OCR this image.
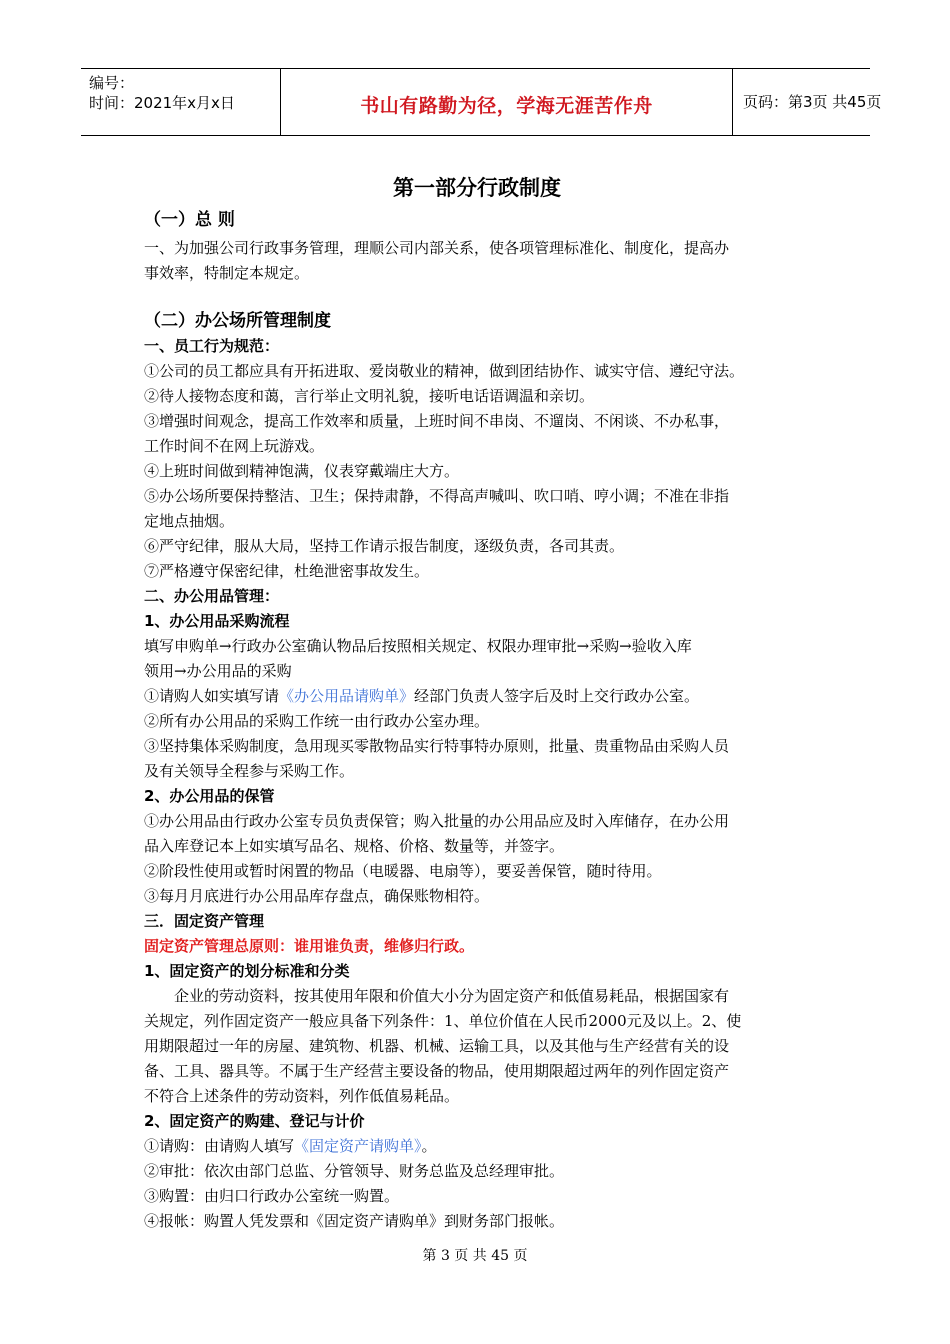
编号：
时间：2021年x月x日	书山有路勤为径，学海无涯苦作舟	页码：第3页 共45页
第一部分行政制度
（一）总 则
一、为加强公司行政事务管理，理顺公司内部关系，使各项管理标准化、制度化，提高办
事效率，特制定本规定。
（二）办公场所管理制度
一、员工行为规范：
①公司的员工都应具有开拓进取、爱岗敬业的精神，做到团结协作、诚实守信、遵纪守法。
②待人接物态度和蔼，言行举止文明礼貌，接听电话语调温和亲切。
③增强时间观念，提高工作效率和质量，上班时间不串岗、不遛岗、不闲谈、不办私事，
工作时间不在网上玩游戏。
④上班时间做到精神饱满，仪表穿戴端庄大方。
⑤办公场所要保持整洁、卫生；保持肃静，不得高声喊叫、吹口哨、哼小调；不准在非指
定地点抽烟。
⑥严守纪律，服从大局，坚持工作请示报告制度，逐级负责，各司其责。
⑦严格遵守保密纪律，杜绝泄密事故发生。
二、办公用品管理：
1、办公用品采购流程
填写申购单→行政办公室确认物品后按照相关规定、权限办理审批→采购→验收入库
领用→办公用品的采购
①请购人如实填写请《办公用品请购单》经部门负责人签字后及时上交行政办公室。
②所有办公用品的采购工作统一由行政办公室办理。
③坚持集体采购制度，急用现买零散物品实行特事特办原则，批量、贵重物品由采购人员
及有关领导全程参与采购工作。
2、办公用品的保管
①办公用品由行政办公室专员负责保管；购入批量的办公用品应及时入库储存，在办公用
品入库登记本上如实填写品名、规格、价格、数量等，并签字。
②阶段性使用或暂时闲置的物品（电暖器、电扇等），要妥善保管，随时待用。
③每月月底进行办公用品库存盘点，确保账物相符。
三．固定资产管理
固定资产管理总原则：谁用谁负责，维修归行政。
1、固定资产的划分标准和分类
　　企业的劳动资料，按其使用年限和价值大小分为固定资产和低值易耗品，根据国家有
关规定，列作固定资产一般应具备下列条件：1、单位价值在人民币2000元及以上。2、使
用期限超过一年的房屋、建筑物、机器、机械、运输工具，以及其他与生产经营有关的设
备、工具、器具等。不属于生产经营主要设备的物品，使用期限超过两年的列作固定资产
不符合上述条件的劳动资料，列作低值易耗品。
2、固定资产的购建、登记与计价
①请购：由请购人填写《固定资产请购单》。
②审批：依次由部门总监、分管领导、财务总监及总经理审批。
③购置：由归口行政办公室统一购置。
④报帐：购置人凭发票和《固定资产请购单》到财务部门报帐。
第 3 页 共 45 页
